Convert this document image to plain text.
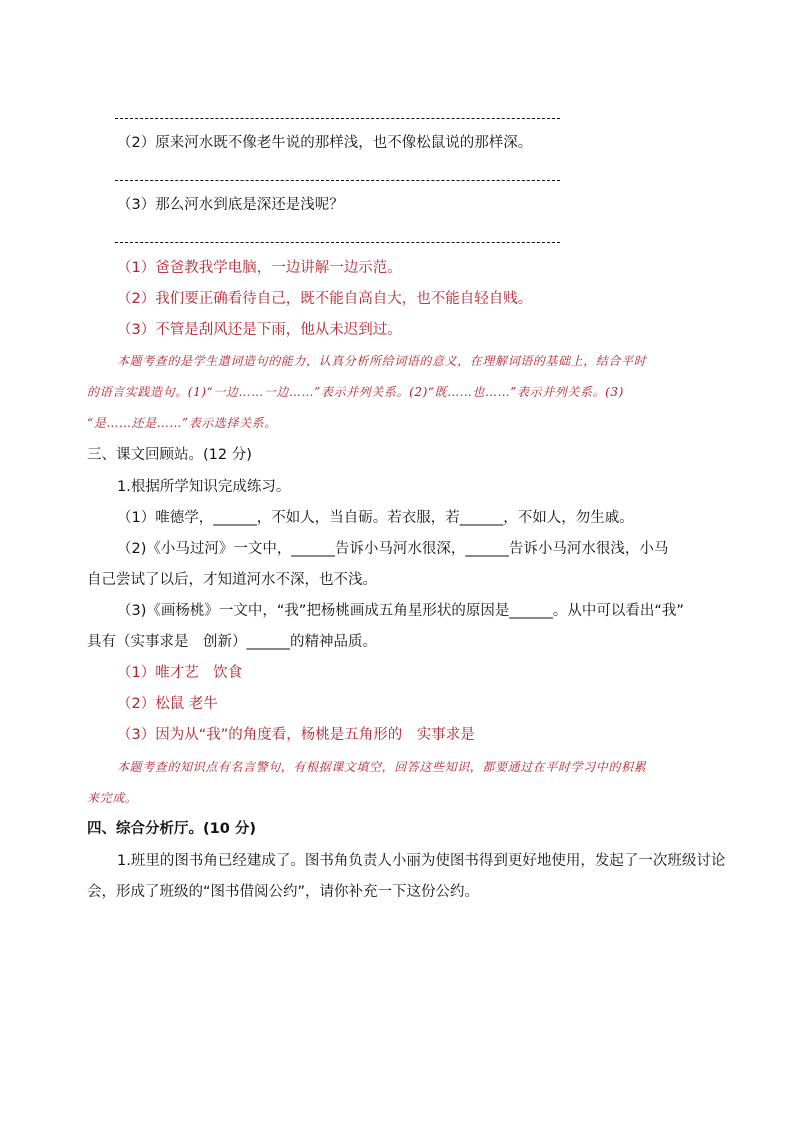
（2）原来河水既不像老牛说的那样浅，也不像松鼠说的那样深。
（3）那么河水到底是深还是浅呢？
（1）爸爸教我学电脑，一边讲解一边示范。
（2）我们要正确看待自己，既不能自高自大，也不能自轻自贱。
（3）不管是刮风还是下雨，他从未迟到过。
本题考查的是学生遣词造句的能力，认真分析所给词语的意义，在理解词语的基础上，结合平时
的语言实践造句。(1)“一边……一边……”表示并列关系。(2)“既……也……”表示并列关系。(3)
“是……还是……”表示选择关系。
三、课文回顾站。(12 分)
1.根据所学知识完成练习。
（1）唯德学，______，不如人，当自砺。若衣服，若______，不如人，勿生戚。
（2)《小马过河》一文中，______告诉小马河水很深，______告诉小马河水很浅，小马
自己尝试了以后，才知道河水不深，也不浅。
（3)《画杨桃》一文中，“我”把杨桃画成五角星形状的原因是______。从中可以看出“我”
具有（实事求是　创新）______的精神品质。
（1）唯才艺　饮食
（2）松鼠 老牛
（3）因为从“我”的角度看，杨桃是五角形的　实事求是
本题考查的知识点有名言警句，有根据课文填空，回答这些知识，都要通过在平时学习中的积累
来完成。
四、综合分析厅。(10 分)
1.班里的图书角已经建成了。图书角负责人小丽为使图书得到更好地使用，发起了一次班级讨论
会，形成了班级的“图书借阅公约”，请你补充一下这份公约。
